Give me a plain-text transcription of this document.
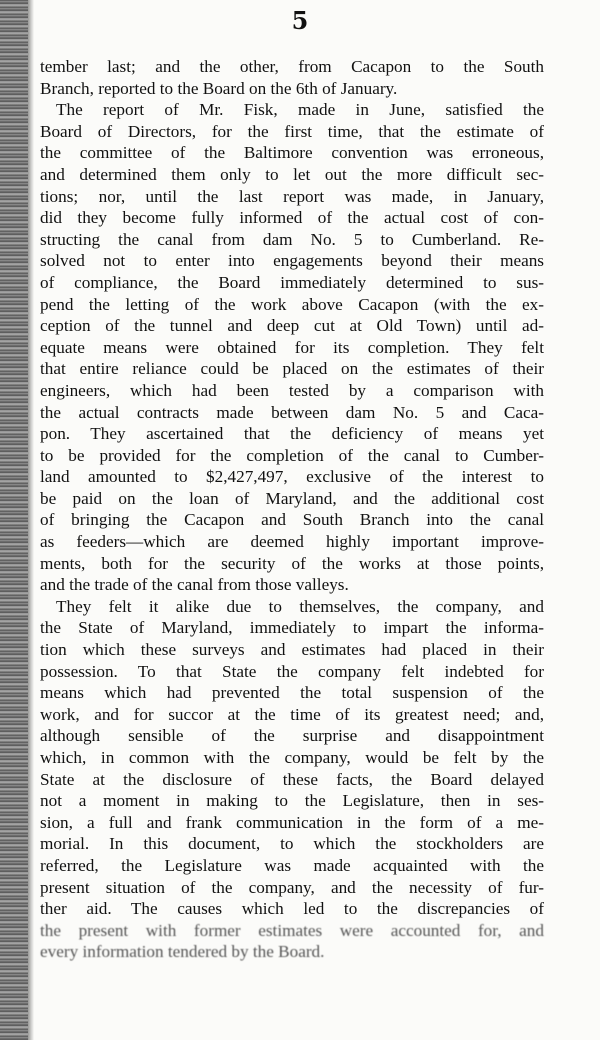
5
tember last; and the other, from Cacapon to the South
Branch, reported to the Board on the 6th of January.
The report of Mr. Fisk, made in June, satisfied the
Board of Directors, for the first time, that the estimate of
the committee of the Baltimore convention was erroneous,
and determined them only to let out the more difficult sec-
tions; nor, until the last report was made, in January,
did they become fully informed of the actual cost of con-
structing the canal from dam No. 5 to Cumberland. Re-
solved not to enter into engagements beyond their means
of compliance, the Board immediately determined to sus-
pend the letting of the work above Cacapon (with the ex-
ception of the tunnel and deep cut at Old Town) until ad-
equate means were obtained for its completion. They felt
that entire reliance could be placed on the estimates of their
engineers, which had been tested by a comparison with
the actual contracts made between dam No. 5 and Caca-
pon. They ascertained that the deficiency of means yet
to be provided for the completion of the canal to Cumber-
land amounted to $2,427,497, exclusive of the interest to
be paid on the loan of Maryland, and the additional cost
of bringing the Cacapon and South Branch into the canal
as feeders—which are deemed highly important improve-
ments, both for the security of the works at those points,
and the trade of the canal from those valleys.
They felt it alike due to themselves, the company, and
the State of Maryland, immediately to impart the informa-
tion which these surveys and estimates had placed in their
possession. To that State the company felt indebted for
means which had prevented the total suspension of the
work, and for succor at the time of its greatest need; and,
although sensible of the surprise and disappointment
which, in common with the company, would be felt by the
State at the disclosure of these facts, the Board delayed
not a moment in making to the Legislature, then in ses-
sion, a full and frank communication in the form of a me-
morial. In this document, to which the stockholders are
referred, the Legislature was made acquainted with the
present situation of the company, and the necessity of fur-
ther aid. The causes which led to the discrepancies of
the present with former estimates were accounted for, and
every information tendered by the Board.
